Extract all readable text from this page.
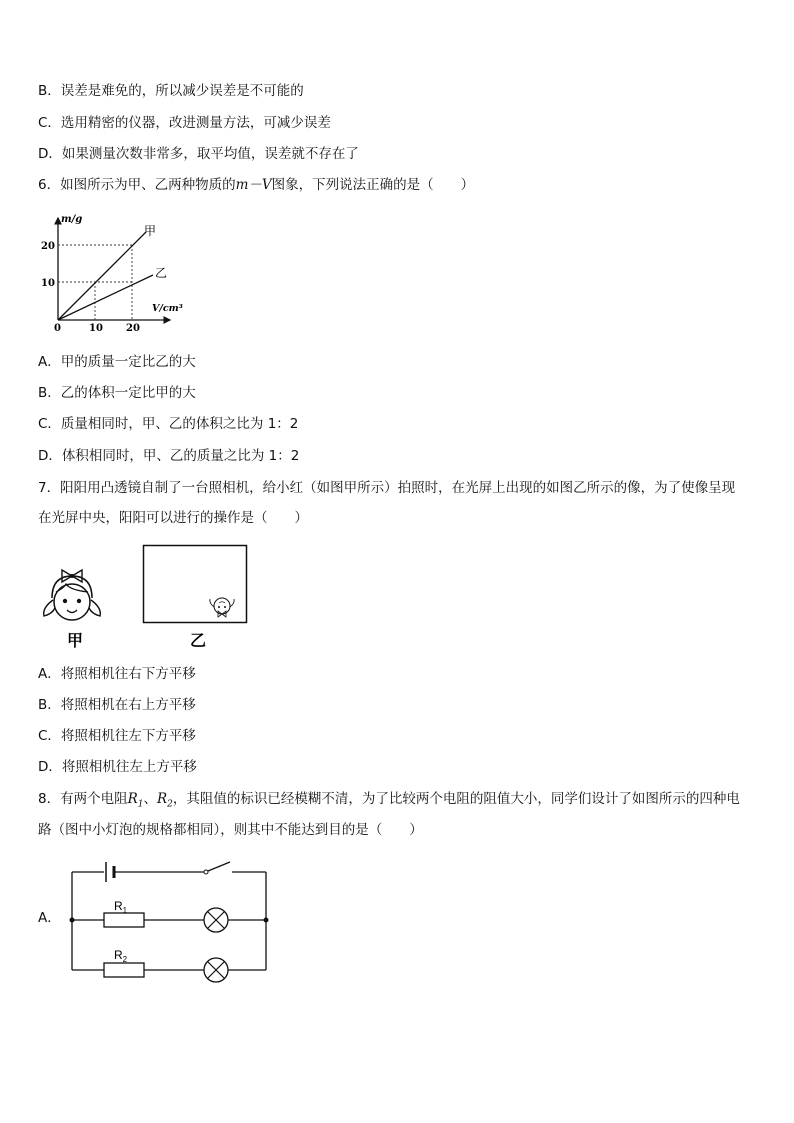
B．误差是难免的，所以减少误差是不可能的
C．选用精密的仪器，改进测量方法，可减少误差
D．如果测量次数非常多，取平均值，误差就不存在了
6．如图所示为甲、乙两种物质的m－V图象，下列说法正确的是（　　）
m/g
V/cm³
0
20
10
10 20
甲
乙
A．甲的质量一定比乙的大
B．乙的体积一定比甲的大
C．质量相同时，甲、乙的体积之比为 1：2
D．体积相同时，甲、乙的质量之比为 1：2
7．阳阳用凸透镜自制了一台照相机，给小红（如图甲所示）拍照时，在光屏上出现的如图乙所示的像，为了使像呈现
在光屏中央，阳阳可以进行的操作是（　　）
甲	乙
A．将照相机往右下方平移
B．将照相机在右上方平移
C．将照相机往左下方平移
D．将照相机往左上方平移
8．有两个电阻$R_1$、$R_2$，其阻值的标识已经模糊不清，为了比较两个电阻的阻值大小，同学们设计了如图所示的四种电
路（图中小灯泡的规格都相同），则其中不能达到目的是（　　）
A．
$R_1$
$R_2$
